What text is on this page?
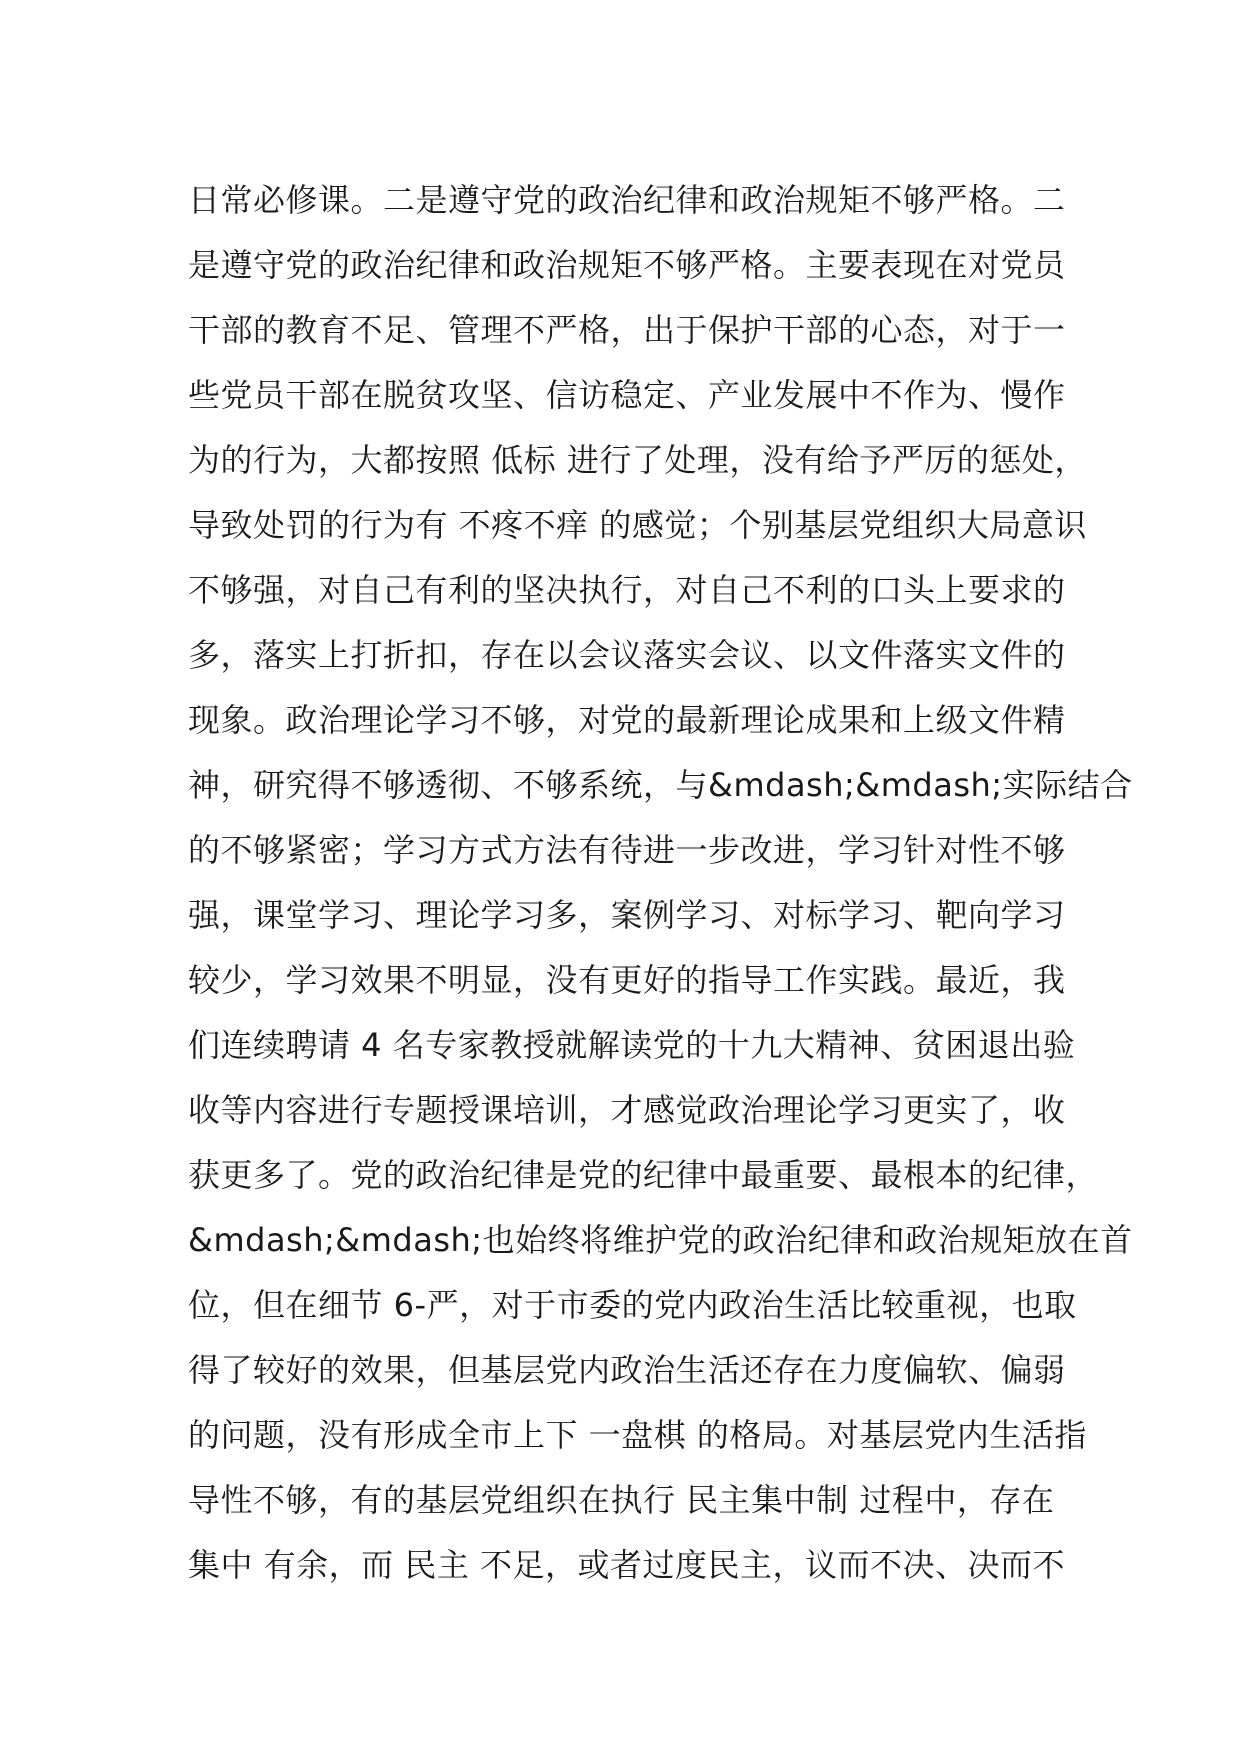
日常必修课。二是遵守党的政治纪律和政治规矩不够严格。二
是遵守党的政治纪律和政治规矩不够严格。主要表现在对党员
干部的教育不足、管理不严格，出于保护干部的心态，对于一
些党员干部在脱贫攻坚、信访稳定、产业发展中不作为、慢作
为的行为，大都按照 低标 进行了处理，没有给予严厉的惩处，
导致处罚的行为有 不疼不痒 的感觉；个别基层党组织大局意识
不够强，对自己有利的坚决执行，对自己不利的口头上要求的
多，落实上打折扣，存在以会议落实会议、以文件落实文件的
现象。政治理论学习不够，对党的最新理论成果和上级文件精
神，研究得不够透彻、不够系统，与&mdash;&mdash;实际结合
的不够紧密；学习方式方法有待进一步改进，学习针对性不够
强，课堂学习、理论学习多，案例学习、对标学习、靶向学习
较少，学习效果不明显，没有更好的指导工作实践。最近，我
们连续聘请 4 名专家教授就解读党的十九大精神、贫困退出验
收等内容进行专题授课培训，才感觉政治理论学习更实了，收
获更多了。党的政治纪律是党的纪律中最重要、最根本的纪律，
&mdash;&mdash;也始终将维护党的政治纪律和政治规矩放在首
位，但在细节 6-严，对于市委的党内政治生活比较重视，也取
得了较好的效果，但基层党内政治生活还存在力度偏软、偏弱
的问题，没有形成全市上下 一盘棋 的格局。对基层党内生活指
导性不够，有的基层党组织在执行 民主集中制 过程中，存在
集中 有余，而 民主 不足，或者过度民主，议而不决、决而不
